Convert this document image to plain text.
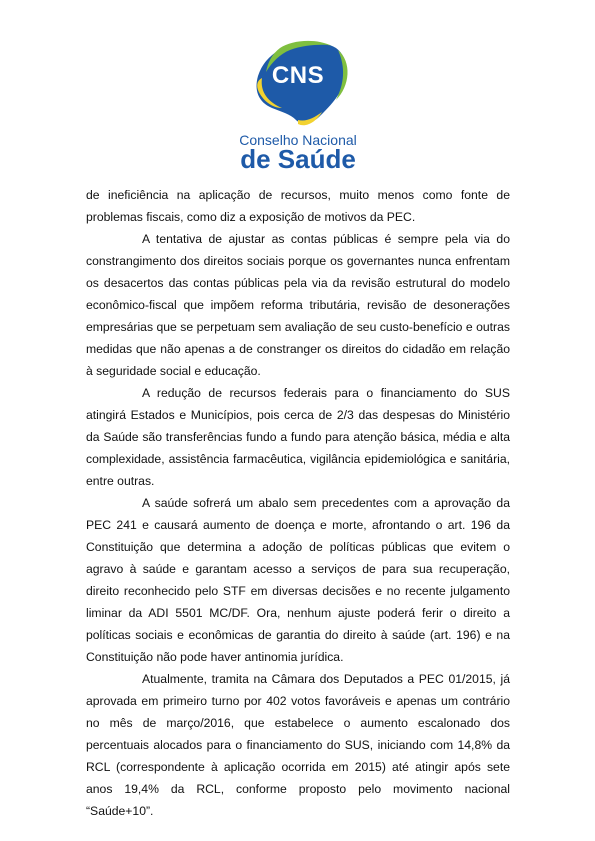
CNS
Conselho Nacional
de Saúde

de ineficiência na aplicação de recursos, muito menos como fonte de problemas fiscais, como diz a exposição de motivos da PEC.

A tentativa de ajustar as contas públicas é sempre pela via do constrangimento dos direitos sociais porque os governantes nunca enfrentam os desacertos das contas públicas pela via da revisão estrutural do modelo econômico-fiscal que impõem reforma tributária, revisão de desonerações empresárias que se perpetuam sem avaliação de seu custo-benefício e outras medidas que não apenas a de constranger os direitos do cidadão em relação à seguridade social e educação.

A redução de recursos federais para o financiamento do SUS atingirá Estados e Municípios, pois cerca de 2/3 das despesas do Ministério da Saúde são transferências fundo a fundo para atenção básica, média e alta complexidade, assistência farmacêutica, vigilância epidemiológica e sanitária, entre outras.

A saúde sofrerá um abalo sem precedentes com a aprovação da PEC 241 e causará aumento de doença e morte, afrontando o art. 196 da Constituição que determina a adoção de políticas públicas que evitem o agravo à saúde e garantam acesso a serviços de para sua recuperação, direito reconhecido pelo STF em diversas decisões e no recente julgamento liminar da ADI 5501 MC/DF. Ora, nenhum ajuste poderá ferir o direito a políticas sociais e econômicas de garantia do direito à saúde (art. 196) e na Constituição não pode haver antinomia jurídica.

Atualmente, tramita na Câmara dos Deputados a PEC 01/2015, já aprovada em primeiro turno por 402 votos favoráveis e apenas um contrário no mês de março/2016, que estabelece o aumento escalonado dos percentuais alocados para o financiamento do SUS, iniciando com 14,8% da RCL (correspondente à aplicação ocorrida em 2015) até atingir após sete anos 19,4% da RCL, conforme proposto pelo movimento nacional “Saúde+10”.
